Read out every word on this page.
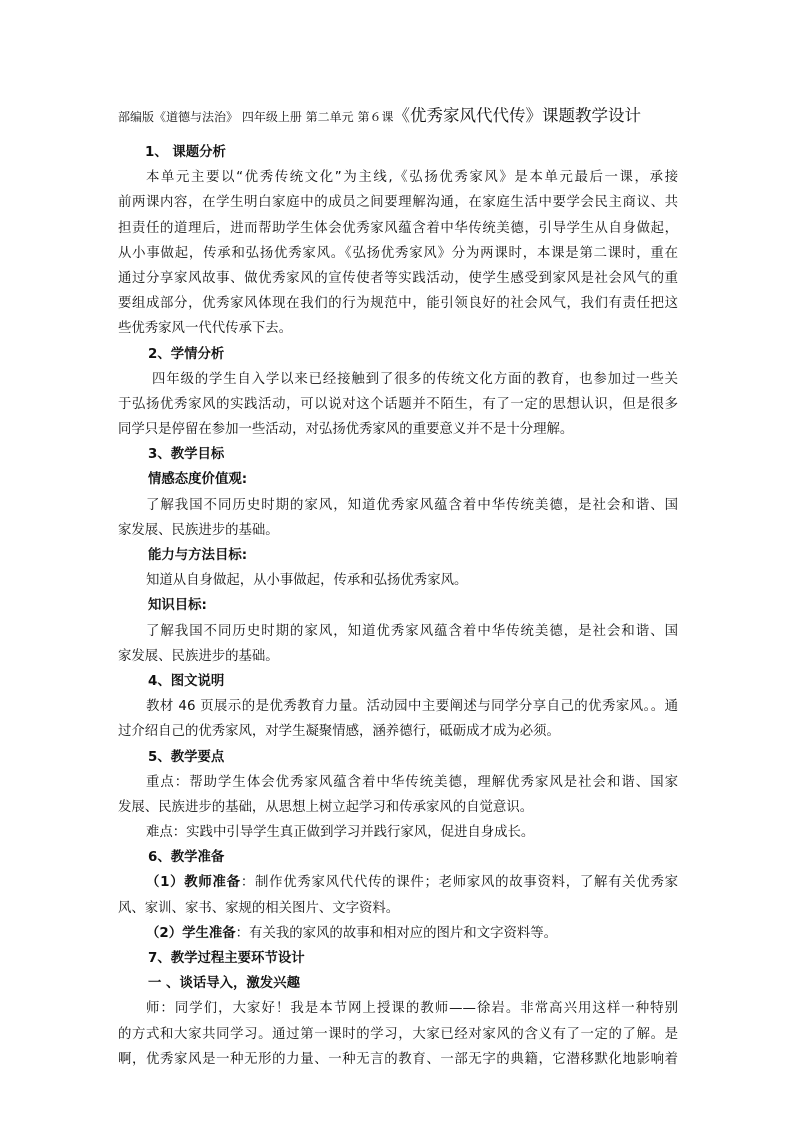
部编版《道德与法治》 四年级上册 第二单元 第６课《优秀家风代代传》课题教学设计
1、 课题分析
本单元主要以“优秀传统文化”为主线,《弘扬优秀家风》是本单元最后一课，承接
前两课内容，在学生明白家庭中的成员之间要理解沟通，在家庭生活中要学会民主商议、共
担责任的道理后，进而帮助学生体会优秀家风蕴含着中华传统美德，引导学生从自身做起，
从小事做起，传承和弘扬优秀家风。《弘扬优秀家风》分为两课时，本课是第二课时，重在
通过分享家风故事、做优秀家风的宣传使者等实践活动，使学生感受到家风是社会风气的重
要组成部分，优秀家风体现在我们的行为规范中，能引领良好的社会风气，我们有责任把这
些优秀家风一代代传承下去。
2、学情分析
四年级的学生自入学以来已经接触到了很多的传统文化方面的教育，也参加过一些关
于弘扬优秀家风的实践活动，可以说对这个话题并不陌生，有了一定的思想认识，但是很多
同学只是停留在参加一些活动，对弘扬优秀家风的重要意义并不是十分理解。
3、教学目标
情感态度价值观:
了解我国不同历史时期的家风，知道优秀家风蕴含着中华传统美德，是社会和谐、国
家发展、民族进步的基础。
能力与方法目标:
知道从自身做起，从小事做起，传承和弘扬优秀家风。
知识目标:
了解我国不同历史时期的家风，知道优秀家风蕴含着中华传统美德，是社会和谐、国
家发展、民族进步的基础。
4、图文说明
教材 46 页展示的是优秀教育力量。活动园中主要阐述与同学分享自己的优秀家风。。通
过介绍自己的优秀家风，对学生凝聚情感，涵养德行，砥砺成才成为必须。
5、教学要点
重点：帮助学生体会优秀家风蕴含着中华传统美德，理解优秀家风是社会和谐、国家
发展、民族进步的基础，从思想上树立起学习和传承家风的自觉意识。
难点：实践中引导学生真正做到学习并践行家风，促进自身成长。
6、教学准备
（1）教师准备：制作优秀家风代代传的课件；老师家风的故事资料，了解有关优秀家
风、家训、家书、家规的相关图片、文字资料。
（2）学生准备：有关我的家风的故事和相对应的图片和文字资料等。
7、教学过程主要环节设计
一 、谈话导入，激发兴趣
师：同学们，大家好！我是本节网上授课的教师——徐岩。非常高兴用这样一种特别
的方式和大家共同学习。通过第一课时的学习，大家已经对家风的含义有了一定的了解。是
啊，优秀家风是一种无形的力量、一种无言的教育、一部无字的典籍，它潜移默化地影响着
